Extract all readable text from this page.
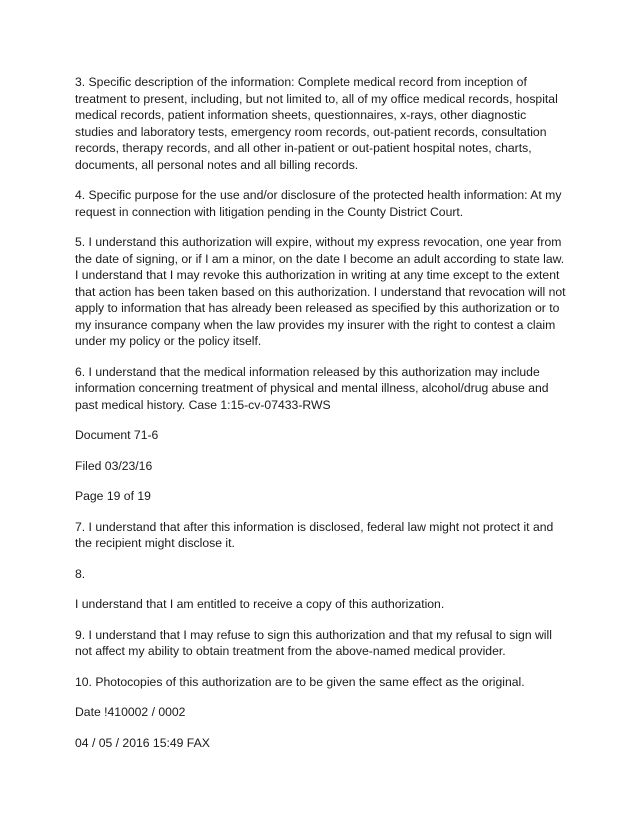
3. Specific description of the information: Complete medical record from inception of treatment to present, including, but not limited to, all of my office medical records, hospital medical records, patient information sheets, questionnaires, x-rays, other diagnostic studies and laboratory tests, emergency room records, out-patient records, consultation records, therapy records, and all other in-patient or out-patient hospital notes, charts, documents, all personal notes and all billing records.

4. Specific purpose for the use and/or disclosure of the protected health information: At my request in connection with litigation pending in the County District Court.

5. I understand this authorization will expire, without my express revocation, one year from the date of signing, or if I am a minor, on the date I become an adult according to state law. I understand that I may revoke this authorization in writing at any time except to the extent that action has been taken based on this authorization. I understand that revocation will not apply to information that has already been released as specified by this authorization or to my insurance company when the law provides my insurer with the right to contest a claim under my policy or the policy itself.

6. I understand that the medical information released by this authorization may include information concerning treatment of physical and mental illness, alcohol/drug abuse and past medical history. Case 1:15-cv-07433-RWS

Document 71-6

Filed 03/23/16

Page 19 of 19

7. I understand that after this information is disclosed, federal law might not protect it and the recipient might disclose it.

8.

I understand that I am entitled to receive a copy of this authorization.

9. I understand that I may refuse to sign this authorization and that my refusal to sign will not affect my ability to obtain treatment from the above-named medical provider.

10. Photocopies of this authorization are to be given the same effect as the original.

Date !410002 / 0002

04 / 05 / 2016 15:49 FAX
